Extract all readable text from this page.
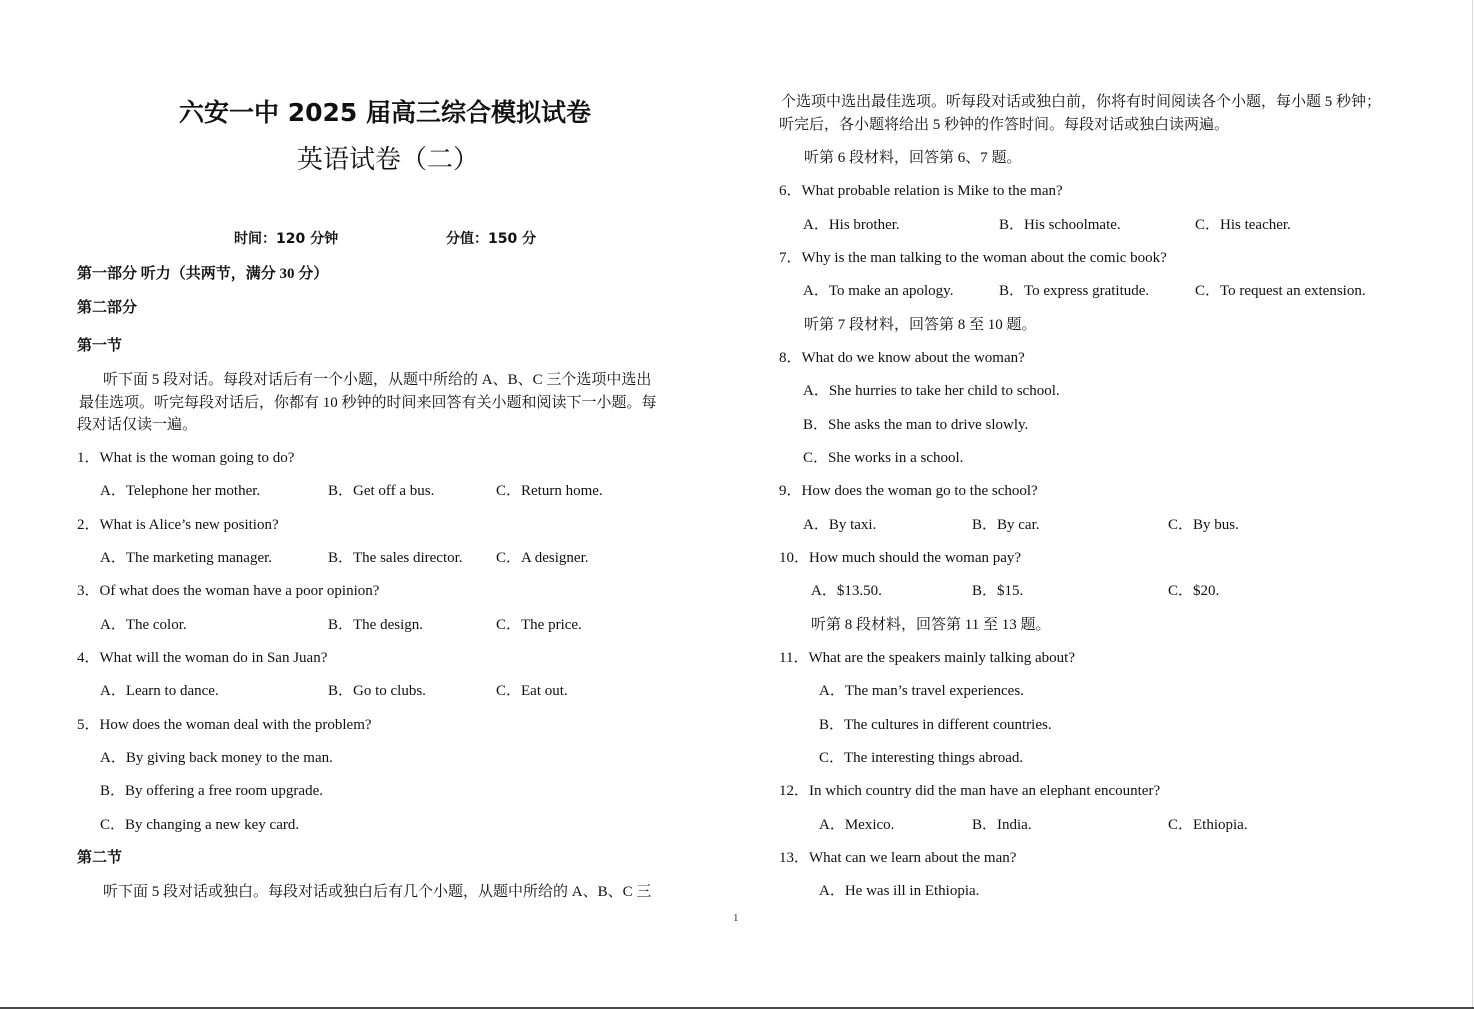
六安一中 2025 届高三综合模拟试卷
英语试卷（二）
时间：120 分钟	分值：150 分
第一部分 听力（共两节，满分 30 分）
第二部分
第一节
听下面 5 段对话。每段对话后有一个小题，从题中所给的 A、B、C 三个选项中选出
最佳选项。听完每段对话后，你都有 10 秒钟的时间来回答有关小题和阅读下一小题。每
段对话仅读一遍。
1．What is the woman going to do?
A．Telephone her mother.	B．Get off a bus.	C．Return home.
2．What is Alice’s new position?
A．The marketing manager.	B．The sales director. C．A designer.
3．Of what does the woman have a poor opinion?
A．The color.	B．The design.	C．The price.
4．What will the woman do in San Juan?
A．Learn to dance.	B．Go to clubs.	C．Eat out.
5．How does the woman deal with the problem?
A．By giving back money to the man.
B．By offering a free room upgrade.
C．By changing a new key card.
第二节
听下面 5 段对话或独白。每段对话或独白后有几个小题，从题中所给的 A、B、C 三
个选项中选出最佳选项。听每段对话或独白前，你将有时间阅读各个小题，每小题 5 秒钟；
听完后，各小题将给出 5 秒钟的作答时间。每段对话或独白读两遍。
听第 6 段材料，回答第 6、7 题。
6．What probable relation is Mike to the man?
A．His brother.	B．His schoolmate.	C．His teacher.
7．Why is the man talking to the woman about the comic book?
A．To make an apology.	B．To express gratitude.	C．To request an extension.
听第 7 段材料，回答第 8 至 10 题。
8．What do we know about the woman?
A．She hurries to take her child to school.
B．She asks the man to drive slowly.
C．She works in a school.
9．How does the woman go to the school?
A．By taxi.	B．By car.	C．By bus.
10．How much should the woman pay?
A．$13.50.	B．$15.	C．$20.
听第 8 段材料，回答第 11 至 13 题。
11．What are the speakers mainly talking about?
A．The man’s travel experiences.
B．The cultures in different countries.
C．The interesting things abroad.
12．In which country did the man have an elephant encounter?
A．Mexico.	B．India.	C．Ethiopia.
13．What can we learn about the man?
A．He was ill in Ethiopia.
1
